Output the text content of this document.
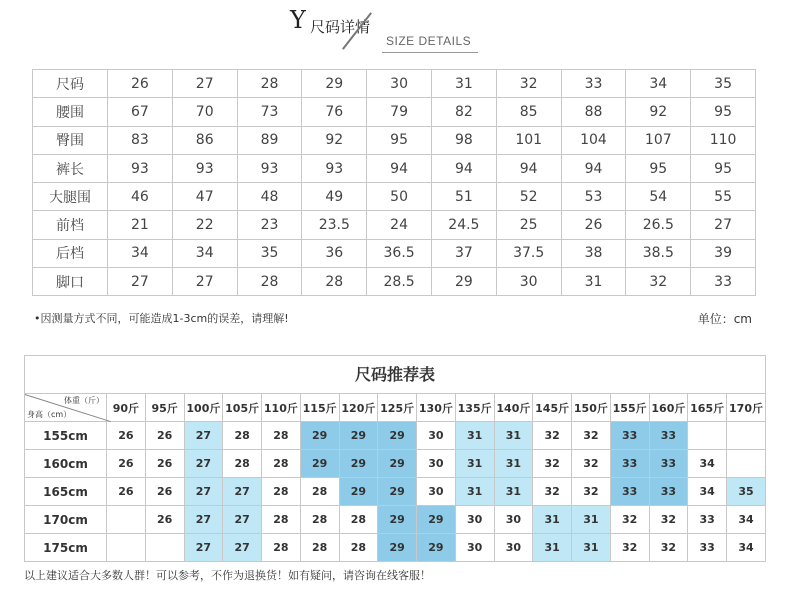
Y 尺码详情
SIZE DETAILS
尺码	26	27	28	29	30	31	32	33	34	35
腰围	67	70	73	76	79	82	85	88	92	95
臀围	83	86	89	92	95	98	101	104	107	110
裤长	93	93	93	93	94	94	94	94	95	95
大腿围	46	47	48	49	50	51	52	53	54	55
前档	21	22	23	23.5	24	24.5	25	26	26.5	27
后档	34	34	35	36	36.5	37	37.5	38	38.5	39
脚口	27	27	28	28	28.5	29	30	31	32	33
•因测量方式不同，可能造成1-3cm的误差，请理解!	单位：cm
尺码推荐表
体重（斤）
身高（cm）	90斤	95斤	100斤	105斤	110斤	115斤	120斤	125斤	130斤	135斤	140斤	145斤	150斤	155斤	160斤	165斤	170斤
155cm	26	26	27	28	28	29	29	29	30	31	31	32	32	33	33		
160cm	26	26	27	28	28	29	29	29	30	31	31	32	32	33	33	34	
165cm	26	26	27	27	28	28	29	29	30	31	31	32	32	33	33	34	35
170cm		26	27	27	28	28	28	29	29	30	30	31	31	32	32	33	34
175cm			27	27	28	28	28	29	29	30	30	31	31	32	32	33	34
以上建议适合大多数人群！可以参考，不作为退换货！如有疑问，请咨询在线客服！
